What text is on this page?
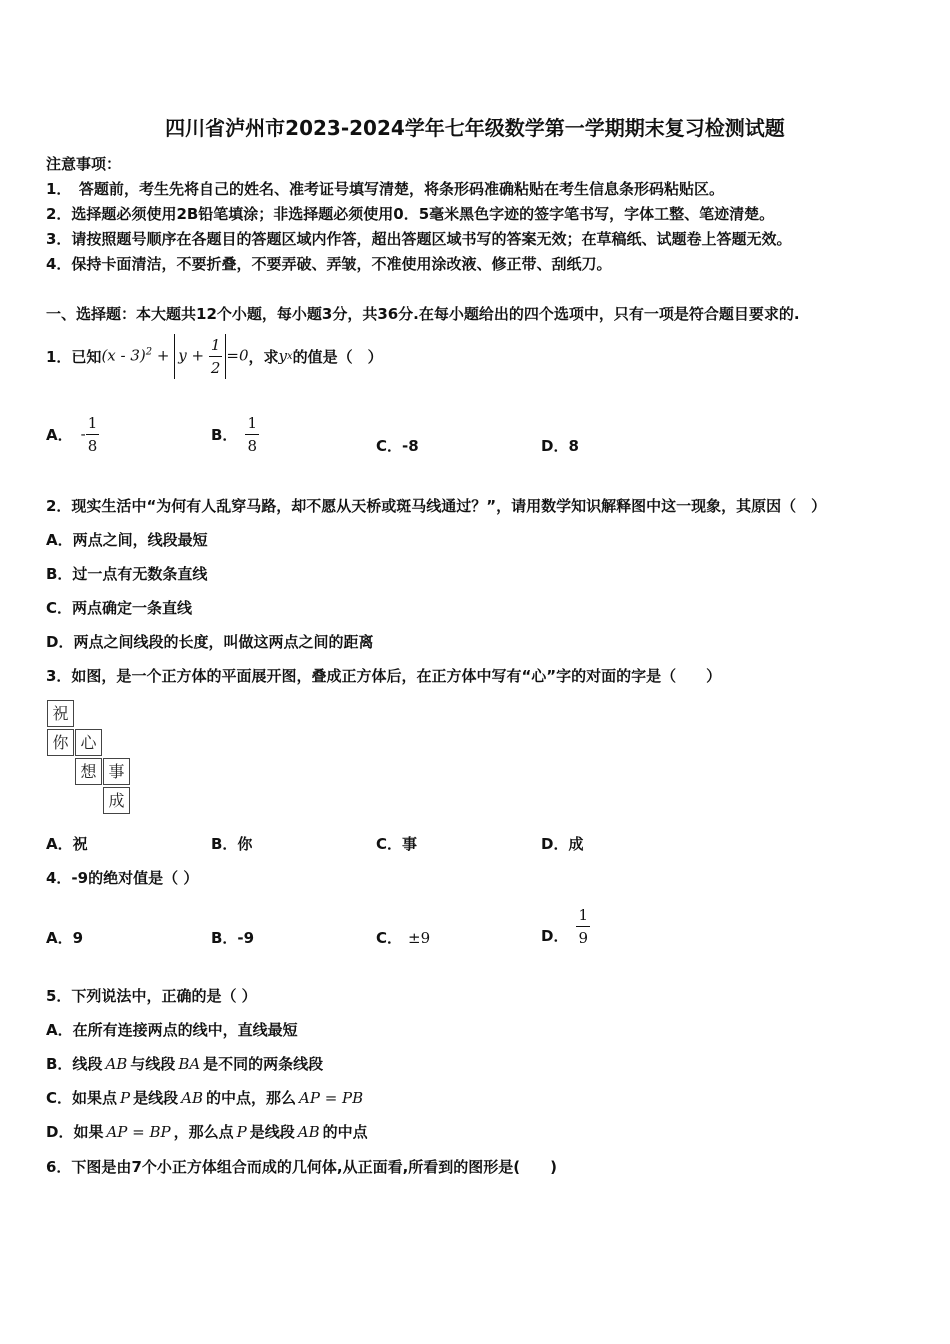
四川省泸州市2023-2024学年七年级数学第一学期期末复习检测试题
注意事项：
1．　答题前，考生先将自己的姓名、准考证号填写清楚，将条形码准确粘贴在考生信息条形码粘贴区。
2．选择题必须使用2B铅笔填涂；非选择题必须使用0．5毫米黑色字迹的签字笔书写，字体工整、笔迹清楚。
3．请按照题号顺序在各题目的答题区域内作答，超出答题区域书写的答案无效；在草稿纸、试题卷上答题无效。
4．保持卡面清洁，不要折叠，不要弄破、弄皱，不准使用涂改液、修正带、刮纸刀。
一、选择题：本大题共12个小题，每小题3分，共36分.在每小题给出的四个选项中，只有一项是符合题目要求的.
1．已知 $(x - 3)^2 + y + \frac{1}{2} =0$ ，求 y x 的值是（　）
A． - $\frac{1}{8}$	B． $\frac{1}{8}$	C．-8	D．8
2．现实生活中“为何有人乱穿马路，却不愿从天桥或斑马线通过？”，请用数学知识解释图中这一现象，其原因（　）
A．两点之间，线段最短
B．过一点有无数条直线
C．两点确定一条直线
D．两点之间线段的长度，叫做这两点之间的距离
3．如图，是一个正方体的平面展开图，叠成正方体后，在正方体中写有“心”字的对面的字是（　　）
祝
你 心
想 事
成
A．祝	B．你	C．事	D．成
4．-9的绝对值是（ ）
A．9	B．-9	C． ±9	D． $\frac{1}{9}$
5．下列说法中，正确的是（ ）
A．在所有连接两点的线中，直线最短
B．线段 AB 与线段 BA 是不同的两条线段
C．如果点 P 是线段 AB 的中点，那么 AP = PB
D．如果 AP = BP ，那么点 P 是线段 AB 的中点
6．下图是由7个小正方体组合而成的几何体,从正面看,所看到的图形是(　　)
